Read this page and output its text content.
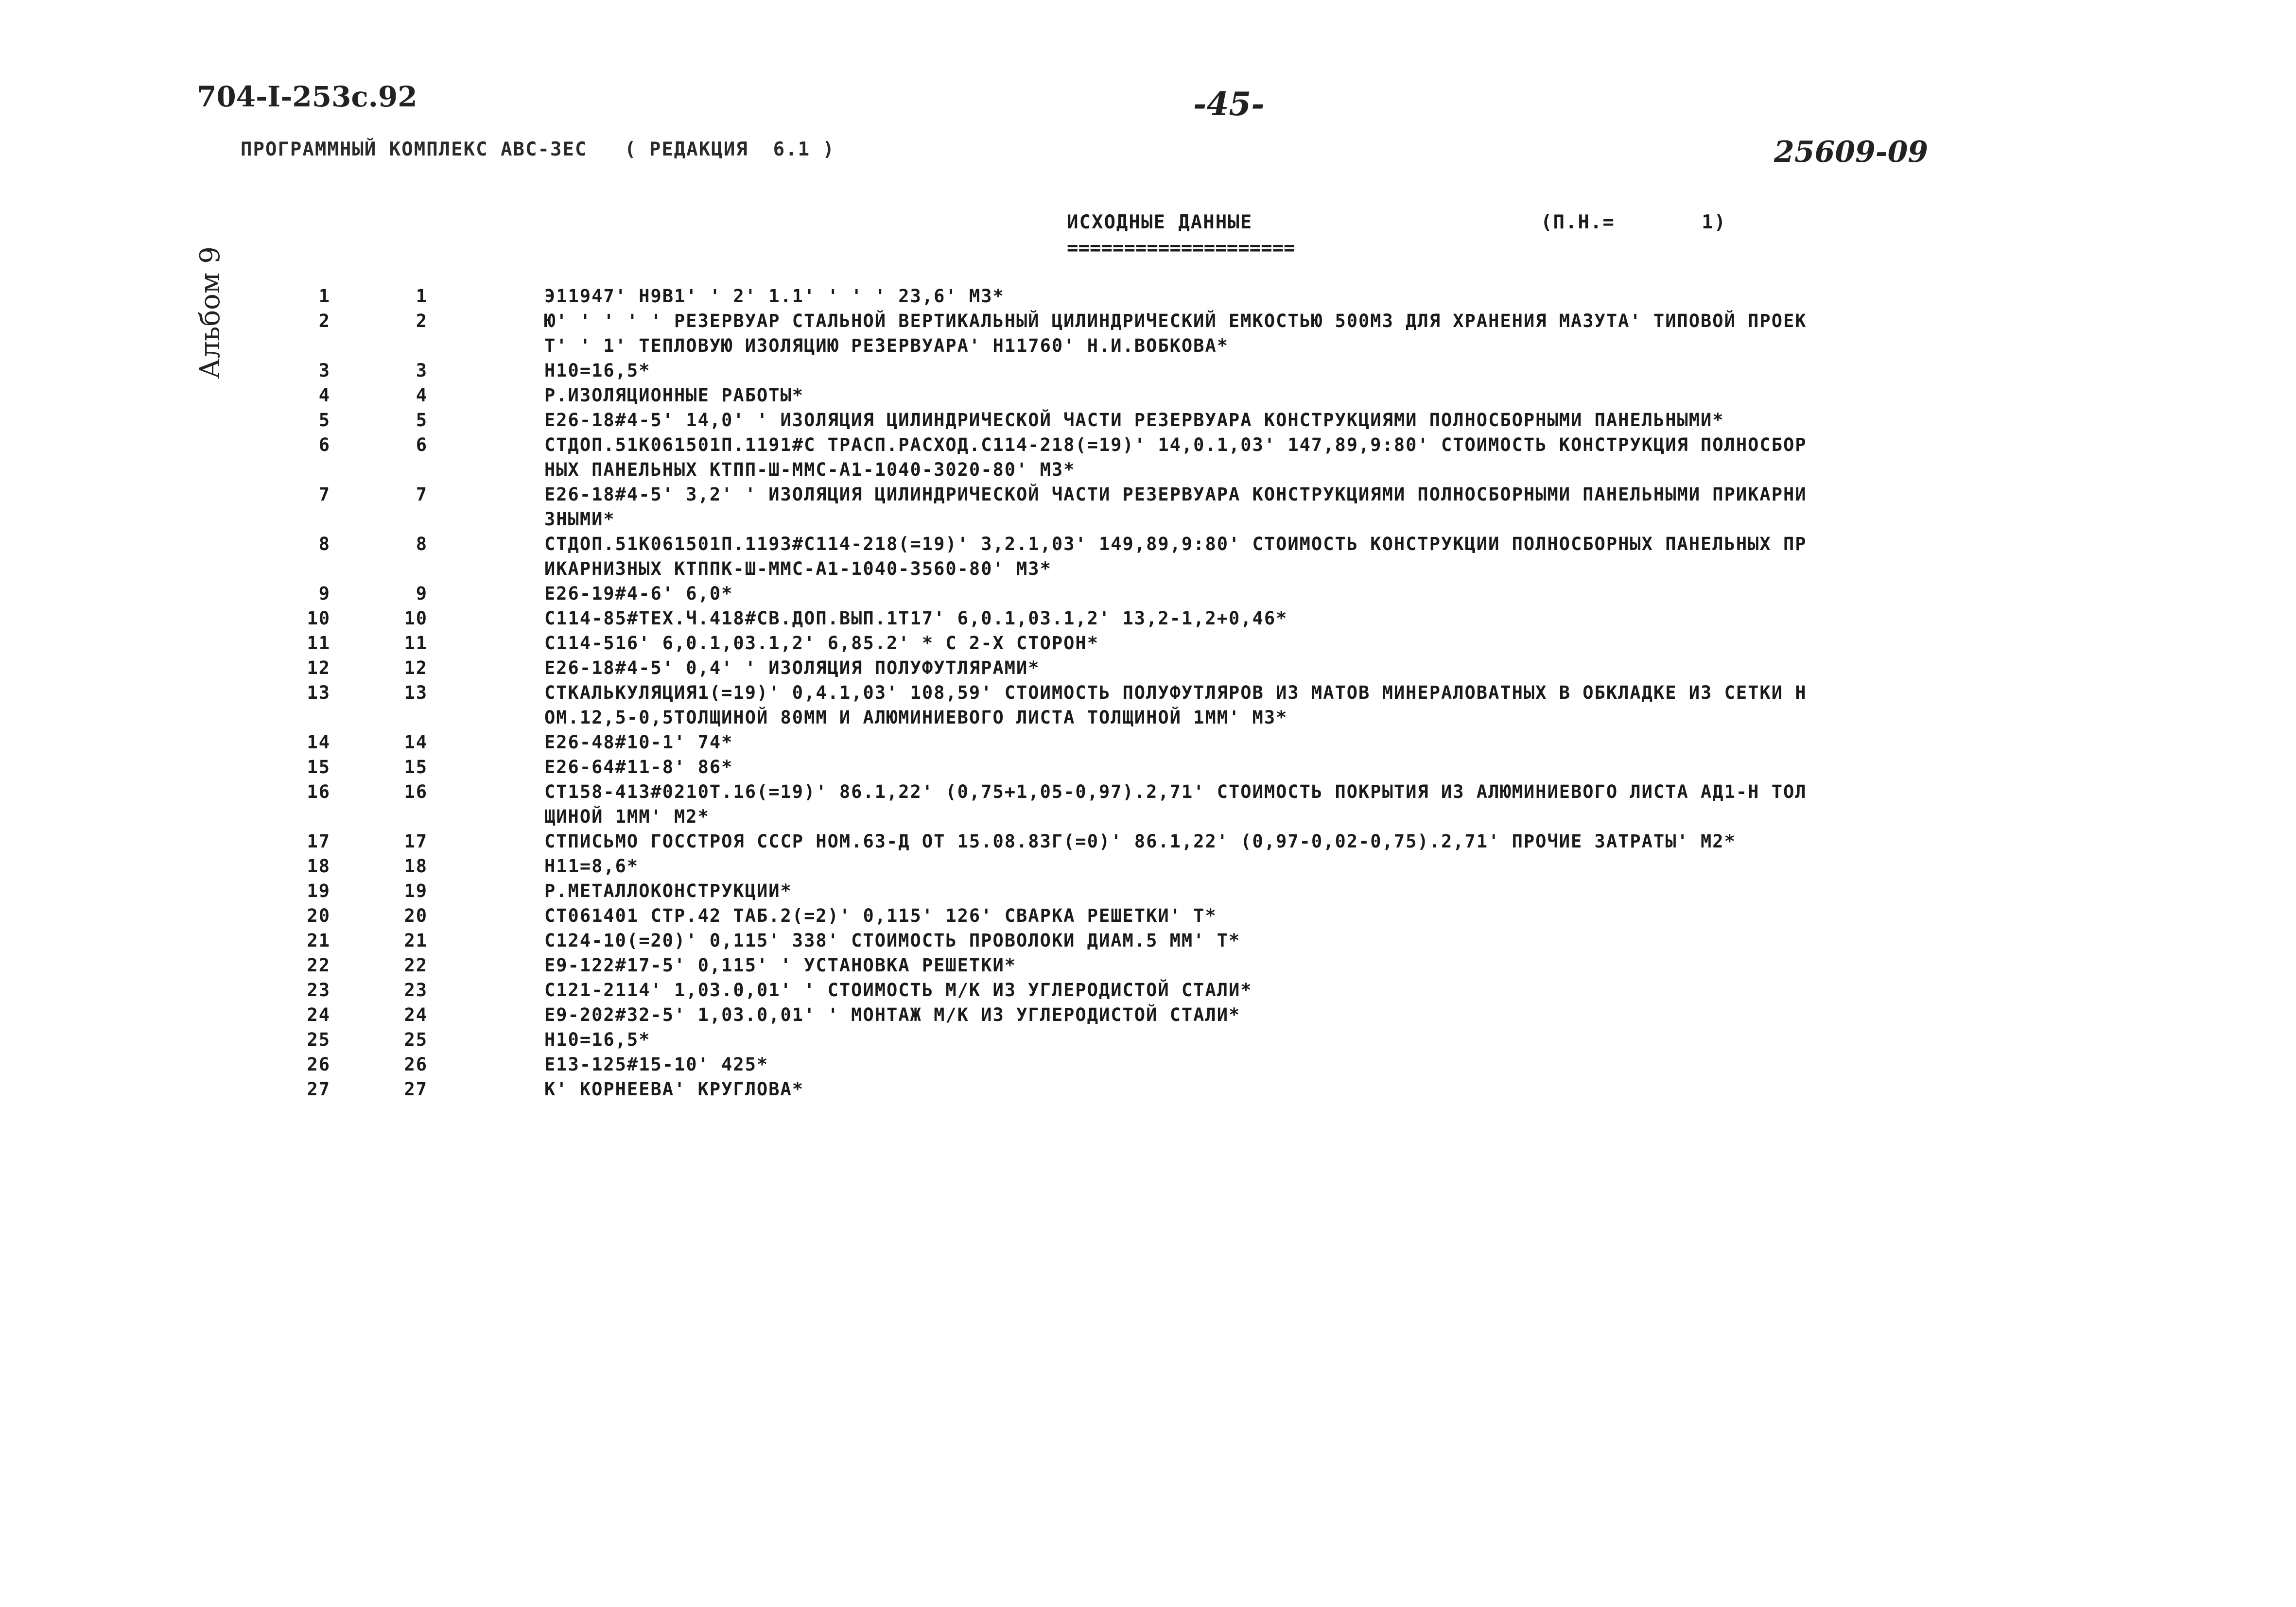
704-I-253с.92	-45-
Альбом 9
ПРОГРАММНЫЙ КОМПЛЕКС АВС-3ЕС   ( РЕДАКЦИЯ  6.1 )	25609-09
ИСХОДНЫЕ ДАННЫЕ
====================
(П.Н.=       1)
1	1	Э11947' Н9В1' ' 2' 1.1' ' ' ' 23,6' М3*
2	2	Ю' ' ' ' ' РЕЗЕРВУАР СТАЛЬНОЙ ВЕРТИКАЛЬНЫЙ ЦИЛИНДРИЧЕСКИЙ ЕМКОСТЬЮ 500М3 ДЛЯ ХРАНЕНИЯ МАЗУТА' ТИПОВОЙ ПРОЕК
Т' ' 1' ТЕПЛОВУЮ ИЗОЛЯЦИЮ РЕЗЕРВУАРА' Н11760' Н.И.ВОБКОВА*
3	3	Н10=16,5*
4	4	Р.ИЗОЛЯЦИОННЫЕ РАБОТЫ*
5	5	Е26-18#4-5' 14,0' ' ИЗОЛЯЦИЯ ЦИЛИНДРИЧЕСКОЙ ЧАСТИ РЕЗЕРВУАРА КОНСТРУКЦИЯМИ ПОЛНОСБОРНЫМИ ПАНЕЛЬНЫМИ*
6	6	СТДОП.51К061501П.1191#С ТРАСП.РАСХОД.С114-218(=19)' 14,0.1,03' 147,89,9:80' СТОИМОСТЬ КОНСТРУКЦИЯ ПОЛНОСБОР
НЫХ ПАНЕЛЬНЫХ КТПП-Ш-ММС-А1-1040-3020-80' М3*
7	7	Е26-18#4-5' 3,2' ' ИЗОЛЯЦИЯ ЦИЛИНДРИЧЕСКОЙ ЧАСТИ РЕЗЕРВУАРА КОНСТРУКЦИЯМИ ПОЛНОСБОРНЫМИ ПАНЕЛЬНЫМИ ПРИКАРНИ
ЗНЫМИ*
8	8	СТДОП.51К061501П.1193#С114-218(=19)' 3,2.1,03' 149,89,9:80' СТОИМОСТЬ КОНСТРУКЦИИ ПОЛНОСБОРНЫХ ПАНЕЛЬНЫХ ПР
ИКАРНИЗНЫХ КТППК-Ш-ММС-А1-1040-3560-80' М3*
9	9	Е26-19#4-6' 6,0*
10	10	С114-85#ТЕХ.Ч.418#СВ.ДОП.ВЫП.1Т17' 6,0.1,03.1,2' 13,2-1,2+0,46*
11	11	С114-516' 6,0.1,03.1,2' 6,85.2' * С 2-Х СТОРОН*
12	12	Е26-18#4-5' 0,4' ' ИЗОЛЯЦИЯ ПОЛУФУТЛЯРАМИ*
13	13	СТКАЛЬКУЛЯЦИЯ1(=19)' 0,4.1,03' 108,59' СТОИМОСТЬ ПОЛУФУТЛЯРОВ ИЗ МАТОВ МИНЕРАЛОВАТНЫХ В ОБКЛАДКЕ ИЗ СЕТКИ Н
ОМ.12,5-0,5ТОЛЩИНОЙ 80ММ И АЛЮМИНИЕВОГО ЛИСТА ТОЛЩИНОЙ 1ММ' М3*
14	14	Е26-48#10-1' 74*
15	15	Е26-64#11-8' 86*
16	16	СТ158-413#0210Т.16(=19)' 86.1,22' (0,75+1,05-0,97).2,71' СТОИМОСТЬ ПОКРЫТИЯ ИЗ АЛЮМИНИЕВОГО ЛИСТА АД1-Н ТОЛ
ЩИНОЙ 1ММ' М2*
17	17	СТПИСЬМО ГОССТРОЯ СССР НОМ.63-Д ОТ 15.08.83Г(=0)' 86.1,22' (0,97-0,02-0,75).2,71' ПРОЧИЕ ЗАТРАТЫ' М2*
18	18	Н11=8,6*
19	19	Р.МЕТАЛЛОКОНСТРУКЦИИ*
20	20	СТ061401 СТР.42 ТАБ.2(=2)' 0,115' 126' СВАРКА РЕШЕТКИ' Т*
21	21	С124-10(=20)' 0,115' 338' СТОИМОСТЬ ПРОВОЛОКИ ДИАМ.5 ММ' Т*
22	22	Е9-122#17-5' 0,115' ' УСТАНОВКА РЕШЕТКИ*
23	23	С121-2114' 1,03.0,01' ' СТОИМОСТЬ М/К ИЗ УГЛЕРОДИСТОЙ СТАЛИ*
24	24	Е9-202#32-5' 1,03.0,01' ' МОНТАЖ М/К ИЗ УГЛЕРОДИСТОЙ СТАЛИ*
25	25	Н10=16,5*
26	26	Е13-125#15-10' 425*
27	27	К' КОРНЕЕВА' КРУГЛОВА*
